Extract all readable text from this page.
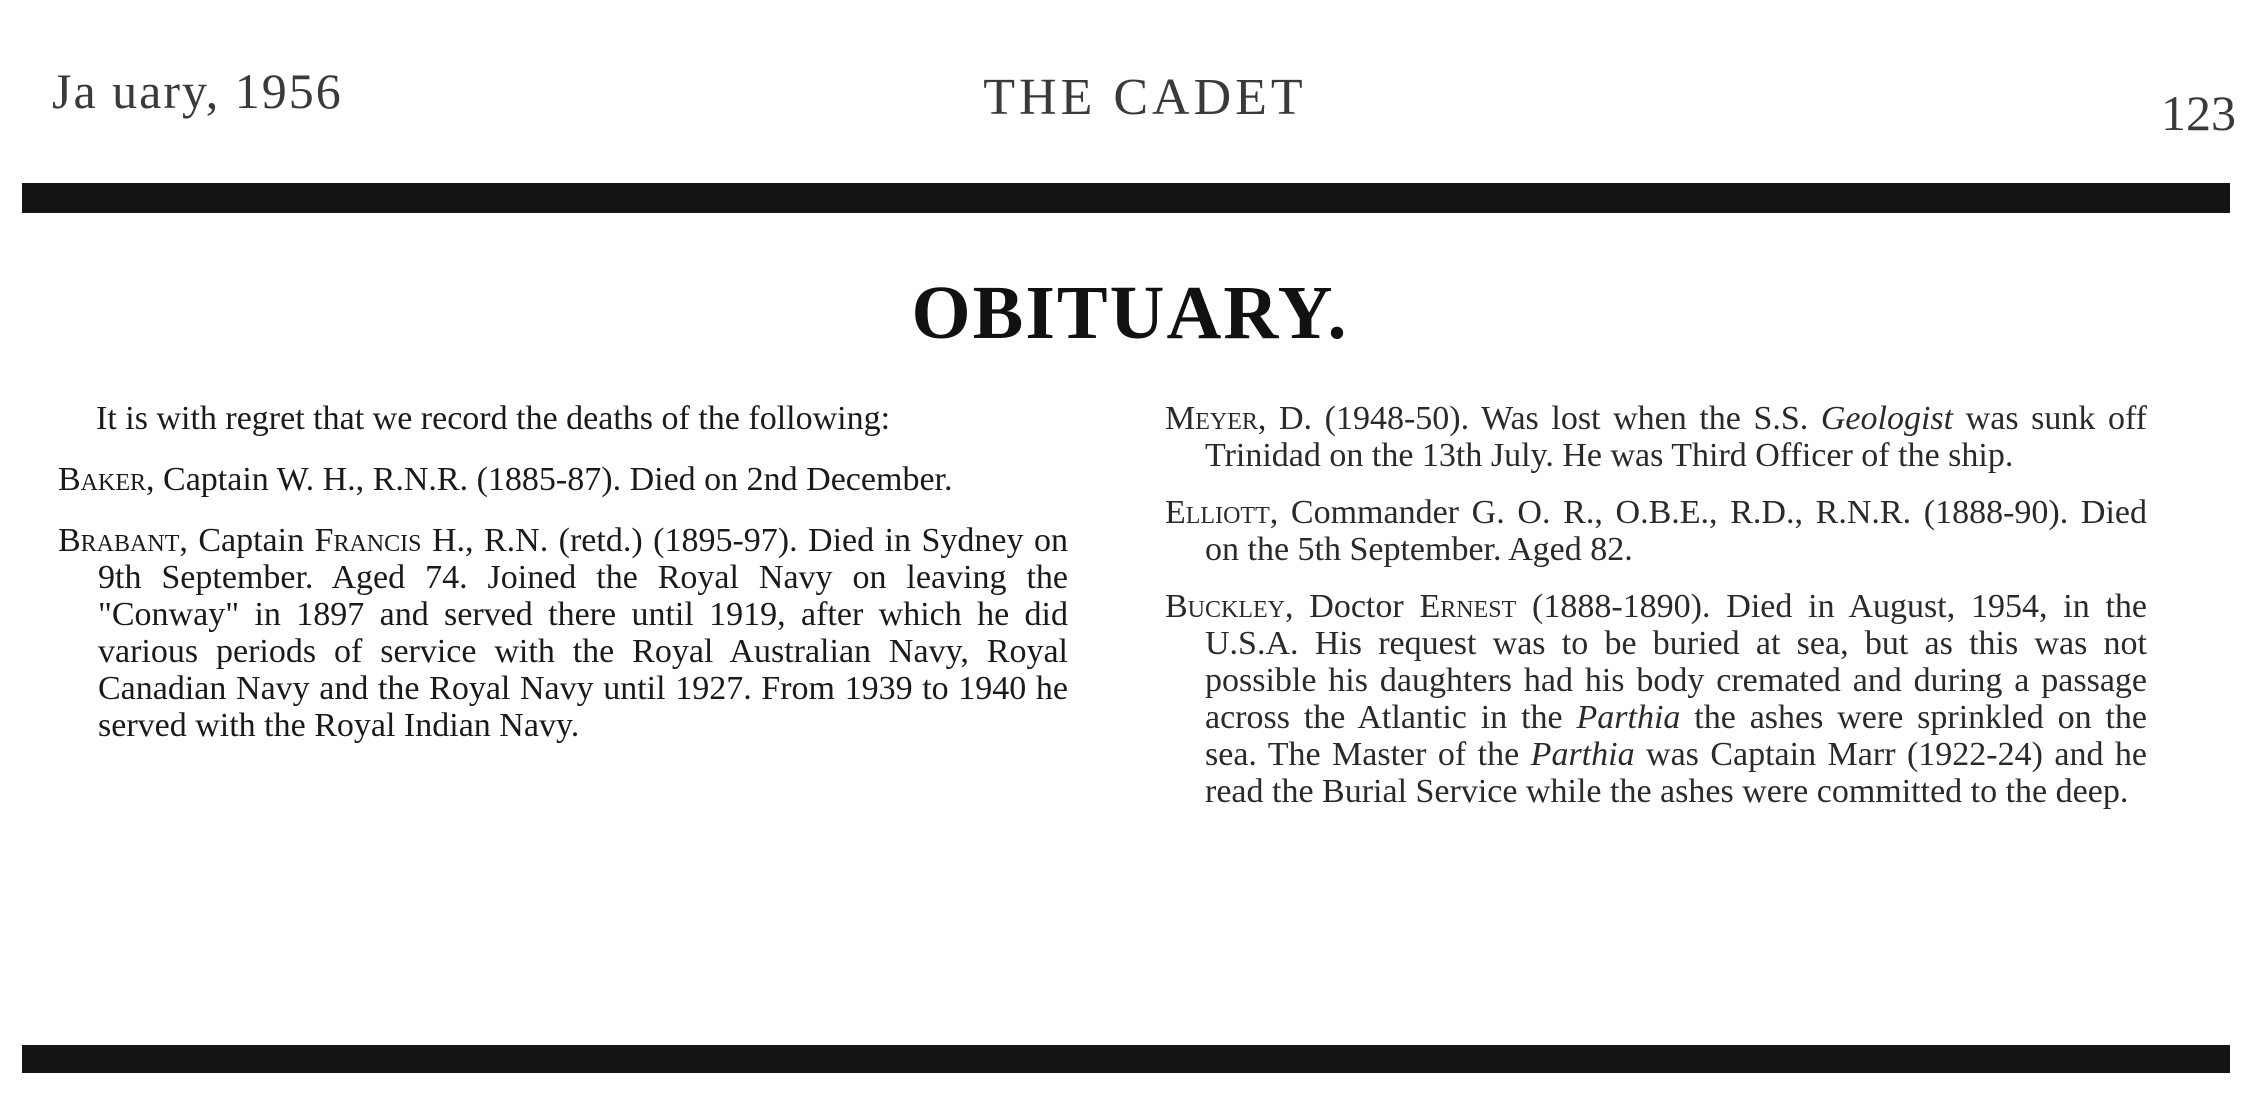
Ja uary, 1956	THE CADET	123
OBITUARY.

It is with regret that we record the deaths of the following:

Baker, Captain W. H., R.N.R. (1885-87). Died on 2nd December.

Brabant, Captain Francis H., R.N. (retd.) (1895-97). Died in Sydney on 9th September. Aged 74. Joined the Royal Navy on leaving the "Conway" in 1897 and served there until 1919, after which he did various periods of service with the Royal Australian Navy, Royal Canadian Navy and the Royal Navy until 1927. From 1939 to 1940 he served with the Royal Indian Navy.

Meyer, D. (1948-50). Was lost when the S.S. Geologist was sunk off Trinidad on the 13th July. He was Third Officer of the ship.

Elliott, Commander G. O. R., O.B.E., R.D., R.N.R. (1888-90). Died on the 5th September. Aged 82.

Buckley, Doctor Ernest (1888-1890). Died in August, 1954, in the U.S.A. His request was to be buried at sea, but as this was not possible his daughters had his body cremated and during a passage across the Atlantic in the Parthia the ashes were sprinkled on the sea. The Master of the Parthia was Captain Marr (1922-24) and he read the Burial Service while the ashes were committed to the deep.
